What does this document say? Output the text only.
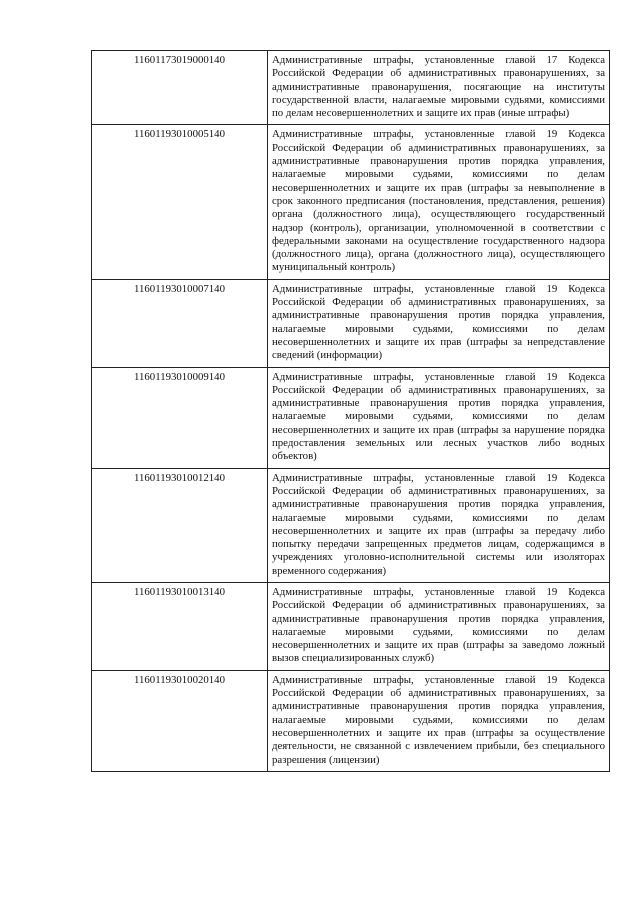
11601173019000140	Административные штрафы, установленные главой 17 Кодекса Российской Федерации об административных правонарушениях, за административные правонарушения, посягающие на институты государственной власти, налагаемые мировыми судьями, комиссиями по делам несовершеннолетних и защите их прав (иные штрафы)
11601193010005140	Административные штрафы, установленные главой 19 Кодекса Российской Федерации об административных правонарушениях, за административные правонарушения против порядка управления, налагаемые мировыми судьями, комиссиями по делам несовершеннолетних и защите их прав (штрафы за невыполнение в срок законного предписания (постановления, представления, решения) органа (должностного лица), осуществляющего государственный надзор (контроль), организации, уполномоченной в соответствии с федеральными законами на осуществление государственного надзора (должностного лица), органа (должностного лица), осуществляющего муниципальный контроль)
11601193010007140	Административные штрафы, установленные главой 19 Кодекса Российской Федерации об административных правонарушениях, за административные правонарушения против порядка управления, налагаемые мировыми судьями, комиссиями по делам несовершеннолетних и защите их прав (штрафы за непредставление сведений (информации)
11601193010009140	Административные штрафы, установленные главой 19 Кодекса Российской Федерации об административных правонарушениях, за административные правонарушения против порядка управления, налагаемые мировыми судьями, комиссиями по делам несовершеннолетних и защите их прав (штрафы за нарушение порядка предоставления земельных или лесных участков либо водных объектов)
11601193010012140	Административные штрафы, установленные главой 19 Кодекса Российской Федерации об административных правонарушениях, за административные правонарушения против порядка управления, налагаемые мировыми судьями, комиссиями по делам несовершеннолетних и защите их прав (штрафы за передачу либо попытку передачи запрещенных предметов лицам, содержащимся в учреждениях уголовно-исполнительной системы или изоляторах временного содержания)
11601193010013140	Административные штрафы, установленные главой 19 Кодекса Российской Федерации об административных правонарушениях, за административные правонарушения против порядка управления, налагаемые мировыми судьями, комиссиями по делам несовершеннолетних и защите их прав (штрафы за заведомо ложный вызов специализированных служб)
11601193010020140	Административные штрафы, установленные главой 19 Кодекса Российской Федерации об административных правонарушениях, за административные правонарушения против порядка управления, налагаемые мировыми судьями, комиссиями по делам несовершеннолетних и защите их прав (штрафы за осуществление деятельности, не связанной с извлечением прибыли, без специального разрешения (лицензии)
